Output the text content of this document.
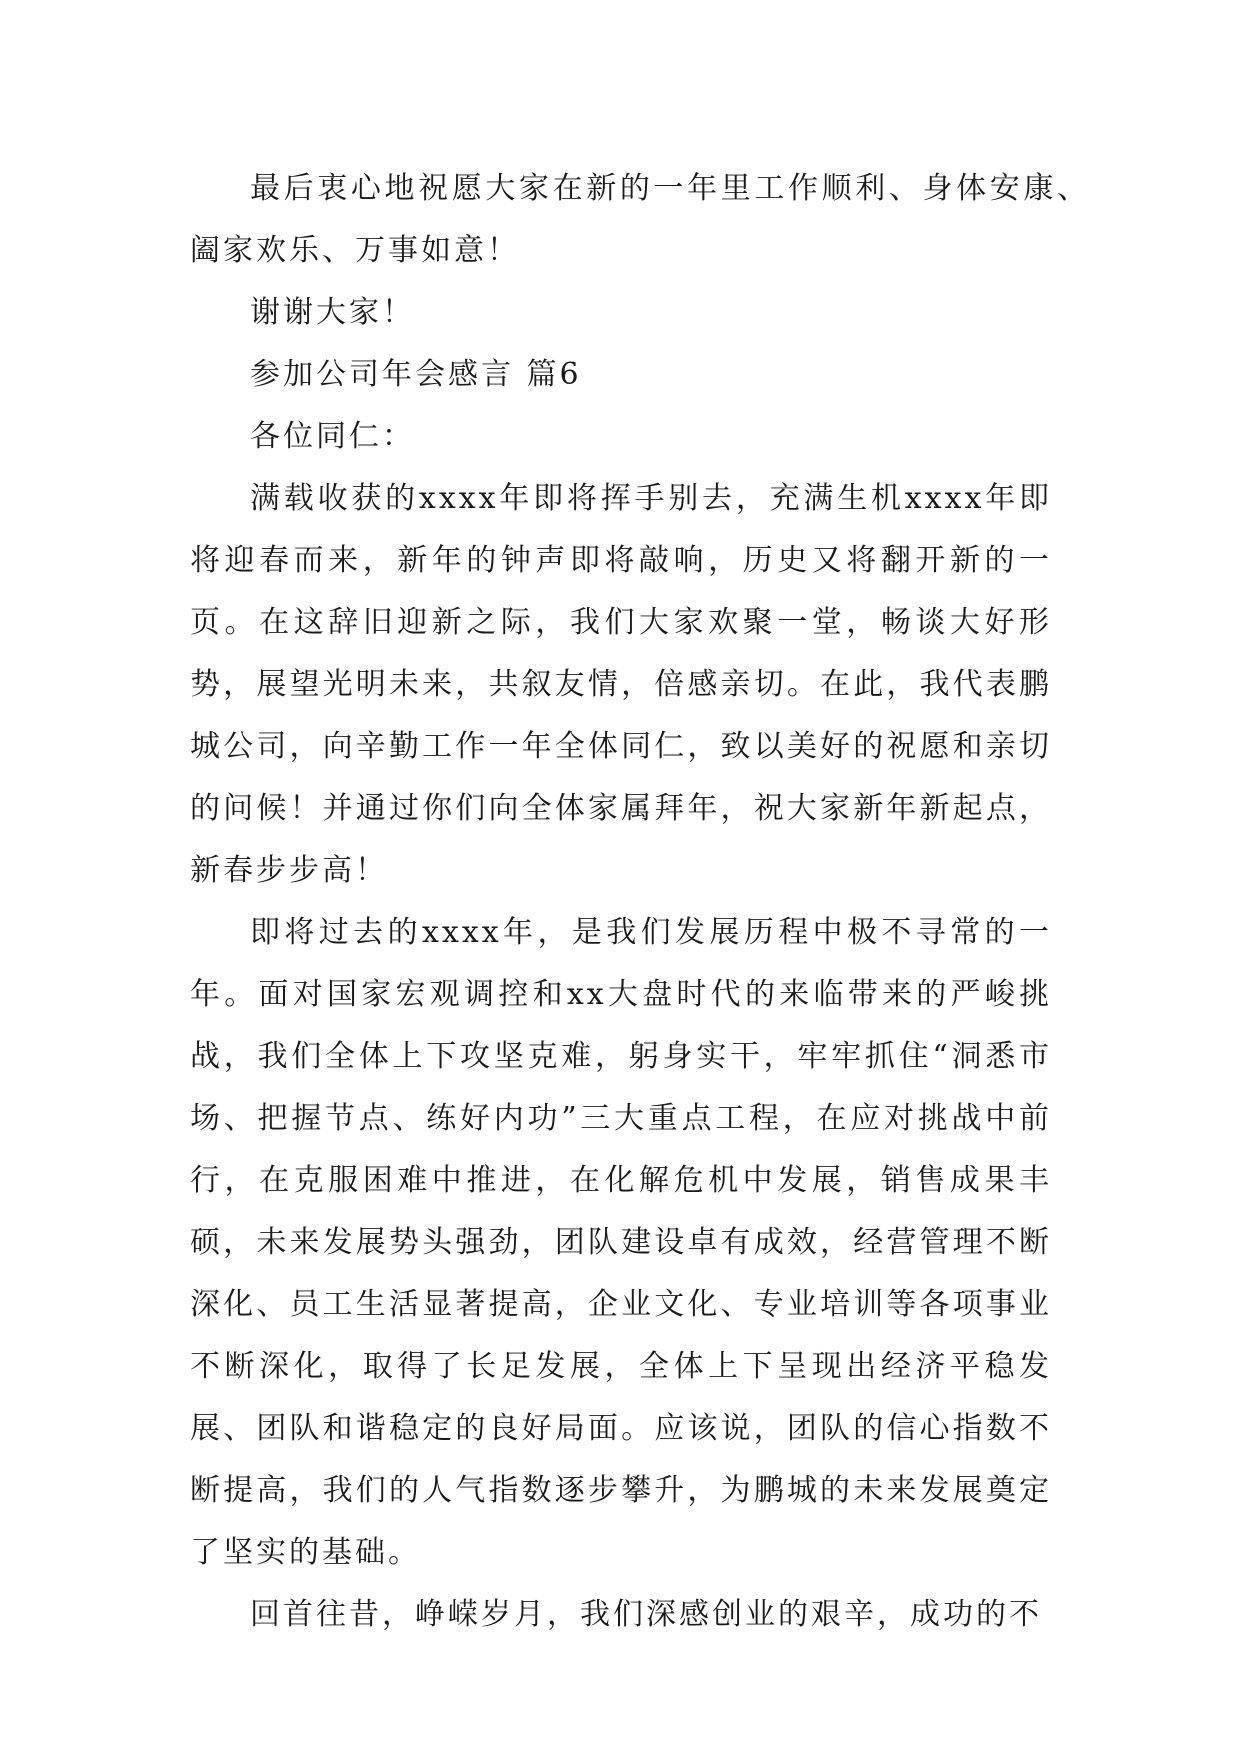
最后衷心地祝愿大家在新的一年里工作顺利、身体安康、阖家欢乐、万事如意！

谢谢大家！

参加公司年会感言 篇6

各位同仁：

满载收获的xxxx年即将挥手别去，充满生机xxxx年即将迎春而来，新年的钟声即将敲响，历史又将翻开新的一页。在这辞旧迎新之际，我们大家欢聚一堂，畅谈大好形势，展望光明未来，共叙友情，倍感亲切。在此，我代表鹏城公司，向辛勤工作一年全体同仁，致以美好的祝愿和亲切的问候！并通过你们向全体家属拜年，祝大家新年新起点，新春步步高！

即将过去的xxxx年，是我们发展历程中极不寻常的一年。面对国家宏观调控和xx大盘时代的来临带来的严峻挑战，我们全体上下攻坚克难，躬身实干，牢牢抓住“洞悉市场、把握节点、练好内功”三大重点工程，在应对挑战中前行，在克服困难中推进，在化解危机中发展，销售成果丰硕，未来发展势头强劲，团队建设卓有成效，经营管理不断深化、员工生活显著提高，企业文化、专业培训等各项事业不断深化，取得了长足发展，全体上下呈现出经济平稳发展、团队和谐稳定的良好局面。应该说，团队的信心指数不断提高，我们的人气指数逐步攀升，为鹏城的未来发展奠定了坚实的基础。

回首往昔，峥嵘岁月，我们深感创业的艰辛，成功的不
